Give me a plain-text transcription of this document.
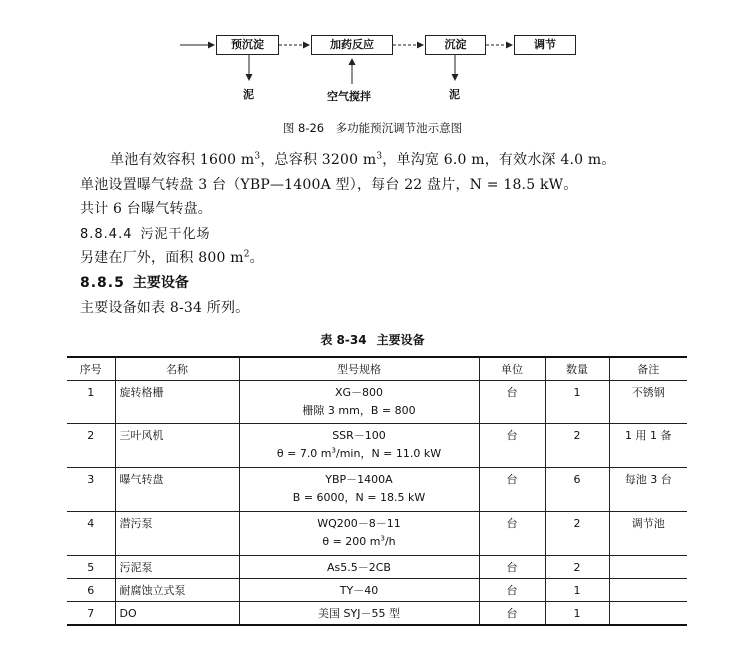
预沉淀	加药反应	沉淀	调节
泥	泥
空气搅拌
图 8-26　多功能预沉调节池示意图
单池有效容积 1600 $m^3$，总容积 3200 $m^3$，单沟宽 6.0 m，有效水深 4.0 m。
单池设置曝气转盘 3 台（YBP—1400A 型），每台 22 盘片，N = 18.5 kW。
共计 6 台曝气转盘。
8.8.4.4 污泥干化场
另建在厂外，面积 800 $m^2$。
8.8.5 主要设备
主要设备如表 8-34 所列。
表 8-34 主要设备
序号	名称	型号规格	单位	数量	备注
1	旋转格栅	XG－800
栅隙 3 mm，B = 800	台	1	不锈钢
2	三叶风机	SSR－100
θ = 7.0 $m^3/\min$，N = 11.0 kW	台	2	1 用 1 备
3	曝气转盘	YBP－1400A
B = 6000，N = 18.5 kW	台	6	每池 3 台
4	潜污泵	WQ200－8－11
θ = 200 $m^3/h$	台	2	调节池
5	污泥泵	As5.5－2CB	台	2	
6	耐腐蚀立式泵	TY－40	台	1	
7	DO	美国 SYJ－55 型	台	1	
